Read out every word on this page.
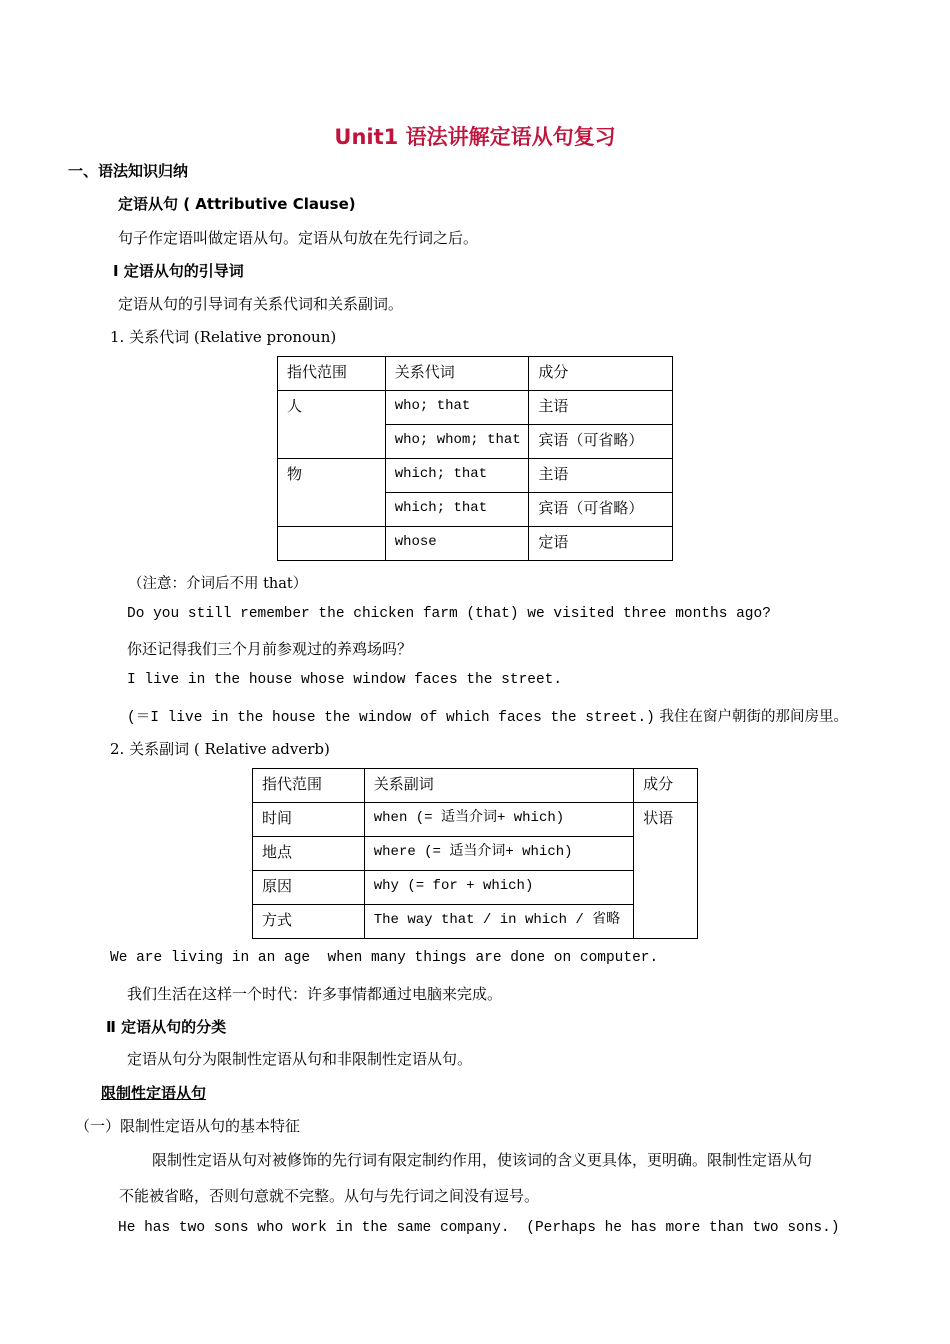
Unit1 语法讲解定语从句复习
一、语法知识归纳
定语从句 ( Attributive Clause)
句子作定语叫做定语从句。定语从句放在先行词之后。
Ⅰ 定语从句的引导词
定语从句的引导词有关系代词和关系副词。
1. 关系代词 (Relative pronoun)
指代范围	关系代词	成分
人	who; that	主语
	who; whom; that	宾语（可省略）
物	which; that	主语
	which; that	宾语（可省略）
	whose	定语
（注意：介词后不用 that）
Do you still remember the chicken farm (that) we visited three months ago?
你还记得我们三个月前参观过的养鸡场吗？
I live in the house whose window faces the street.
(＝I live in the house the window of which faces the street.) 我住在窗户朝街的那间房里。
2. 关系副词 ( Relative adverb)
指代范围	关系副词	成分
时间	when (= 适当介词+ which)	状语
地点	where (= 适当介词+ which)	
原因	why (= for + which)	
方式	The way that / in which / 省略	
We are living in an age  when many things are done on computer.
我们生活在这样一个时代：许多事情都通过电脑来完成。
Ⅱ 定语从句的分类
定语从句分为限制性定语从句和非限制性定语从句。
限制性定语从句
（一）限制性定语从句的基本特征
限制性定语从句对被修饰的先行词有限定制约作用，使该词的含义更具体，更明确。限制性定语从句
不能被省略，否则句意就不完整。从句与先行词之间没有逗号。
He has two sons who work in the same company. (Perhaps he has more than two sons.)
